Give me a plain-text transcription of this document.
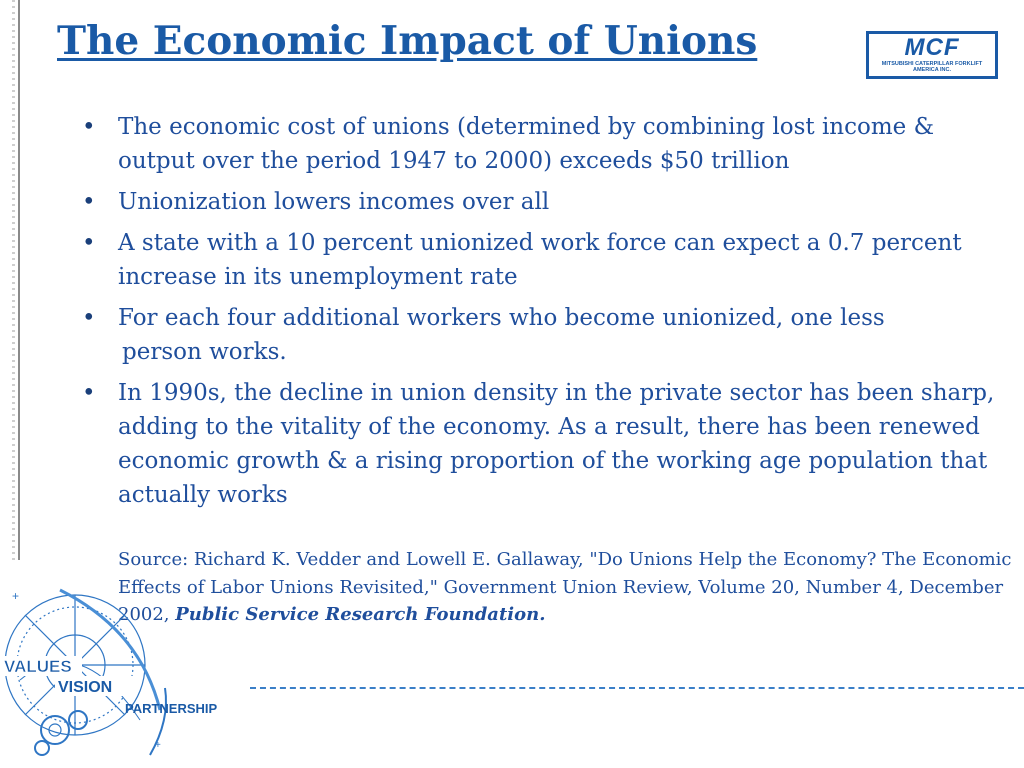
The Economic Impact of Unions	MCF
MITSUBISHI CATERPILLAR FORKLIFT AMERICA INC.
• The economic cost of unions (determined by combining lost income & output over the period 1947 to 2000) exceeds $50 trillion
• Unionization lowers incomes over all
• A state with a 10 percent unionized work force can expect a 0.7 percent increase in its unemployment rate
• For each four additional workers who become unionized, one less
person works.
• In 1990s, the decline in union density in the private sector has been sharp, adding to the vitality of the economy. As a result, there has been renewed economic growth & a rising proportion of the working age population that actually works
Source: Richard K. Vedder and Lowell E. Gallaway, "Do Unions Help the Economy? The Economic Effects of Labor Unions Revisited," Government Union Review, Volume 20, Number 4, December 2002, Public Service Research Foundation.
+
+
VALUES
VISION
PARTNERSHIP
